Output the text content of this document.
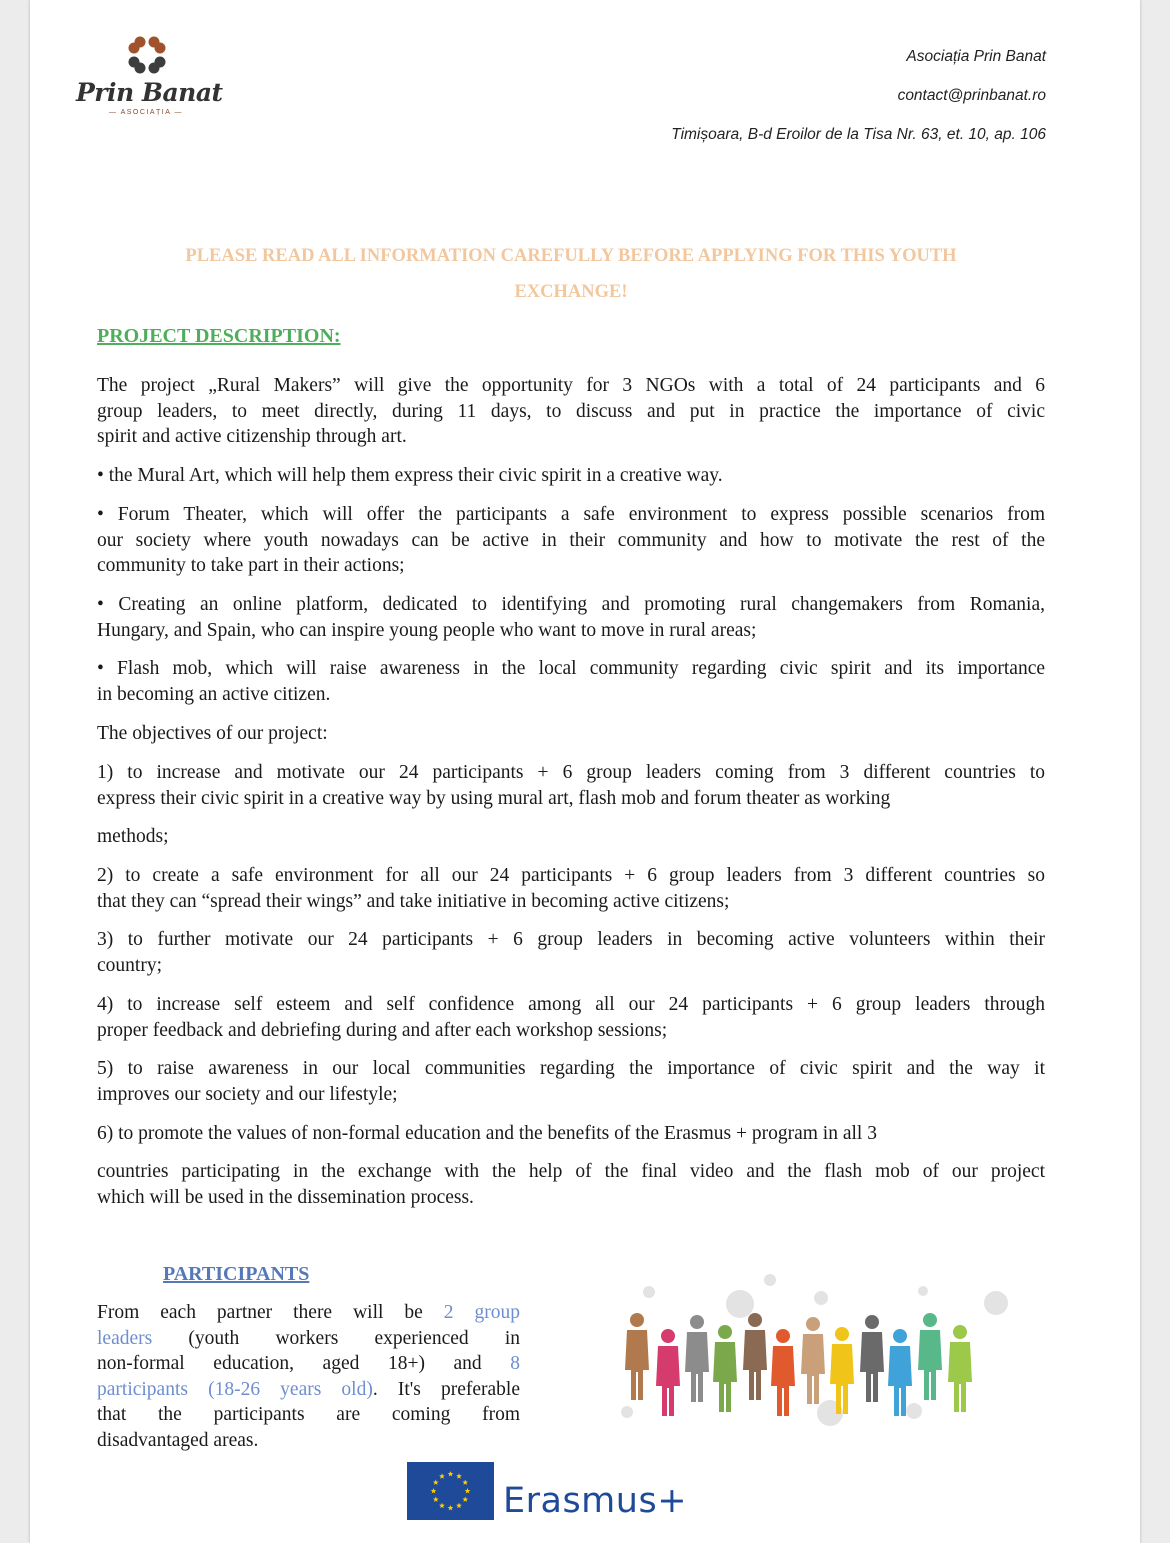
Prin Banat
— ASOCIAȚIA —
Asociația Prin Banat
contact@prinbanat.ro
Timișoara, B-d Eroilor de la Tisa Nr. 63, et. 10, ap. 106
PLEASE READ ALL INFORMATION CAREFULLY BEFORE APPLYING FOR THIS YOUTH
EXCHANGE!
PROJECT DESCRIPTION:
The project „Rural Makers” will give the opportunity for 3 NGOs with a total of 24 participants and 6
group leaders, to meet directly, during 11 days, to discuss and put in practice the importance of civic
spirit and active citizenship through art.
• the Mural Art, which will help them express their civic spirit in a creative way.
• Forum Theater, which will offer the participants a safe environment to express possible scenarios from
our society where youth nowadays can be active in their community and how to motivate the rest of the
community to take part in their actions;
• Creating an online platform, dedicated to identifying and promoting rural changemakers from Romania,
Hungary, and Spain, who can inspire young people who want to move in rural areas;
• Flash mob, which will raise awareness in the local community regarding civic spirit and its importance
in becoming an active citizen.
The objectives of our project:
1) to increase and motivate our 24 participants + 6 group leaders coming from 3 different countries to
express their civic spirit in a creative way by using mural art, flash mob and forum theater as working
methods;
2) to create a safe environment for all our 24 participants + 6 group leaders from 3 different countries so
that they can “spread their wings” and take initiative in becoming active citizens;
3) to further motivate our 24 participants + 6 group leaders in becoming active volunteers within their
country;
4) to increase self esteem and self confidence among all our 24 participants + 6 group leaders through
proper feedback and debriefing during and after each workshop sessions;
5) to raise awareness in our local communities regarding the importance of civic spirit and the way it
improves our society and our lifestyle;
6) to promote the values of non-formal education and the benefits of the Erasmus + program in all 3
countries participating in the exchange with the help of the final video and the flash mob of our project
which will be used in the dissemination process.
PARTICIPANTS
From each partner there will be 2 group
leaders (youth workers experienced in
non-formal education, aged 18+) and 8
participants (18-26 years old). It's preferable
that the participants are coming from
disadvantaged areas.
Erasmus+
